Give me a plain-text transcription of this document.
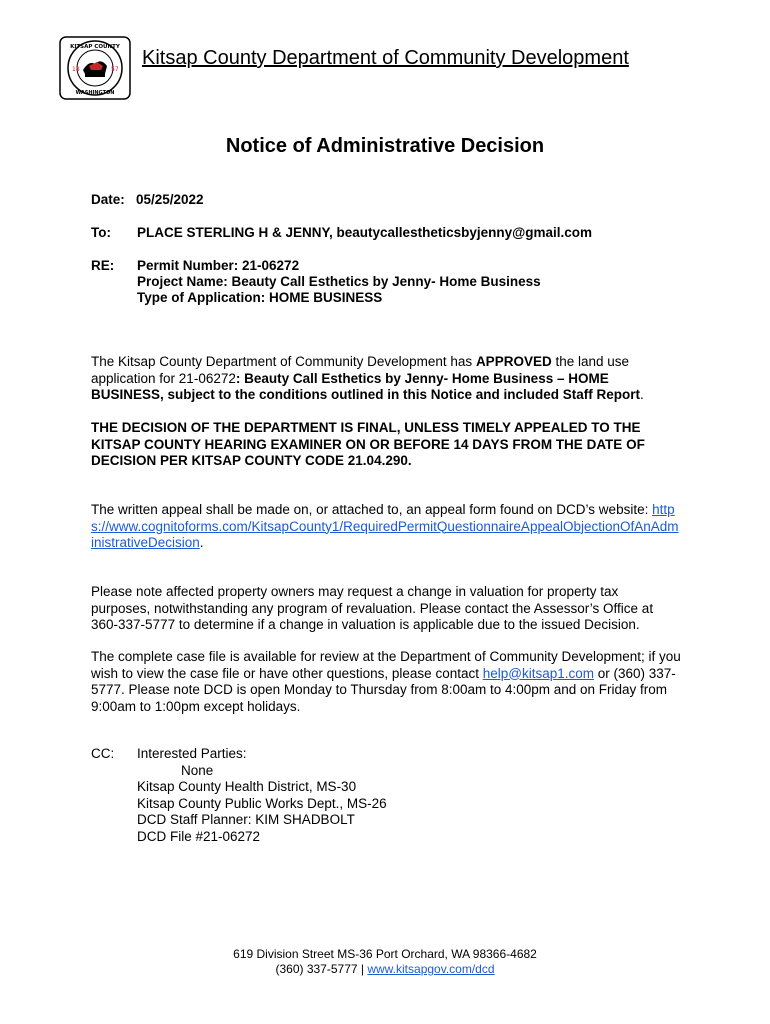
KITSAP COUNTY
WASHINGTON
18	57
Kitsap County Department of Community Development
Notice of Administrative Decision
Date: 05/25/2022
To: PLACE STERLING H & JENNY, beautycallestheticsbyjenny@gmail.com
RE: Permit Number: 21-06272
Project Name: Beauty Call Esthetics by Jenny- Home Business
Type of Application: HOME BUSINESS

The Kitsap County Department of Community Development has APPROVED the land use application for 21-06272: Beauty Call Esthetics by Jenny- Home Business – HOME BUSINESS, subject to the conditions outlined in this Notice and included Staff Report.

THE DECISION OF THE DEPARTMENT IS FINAL, UNLESS TIMELY APPEALED TO THE KITSAP COUNTY HEARING EXAMINER ON OR BEFORE 14 DAYS FROM THE DATE OF DECISION PER KITSAP COUNTY CODE 21.04.290.
The written appeal shall be made on, or attached to, an appeal form found on DCD’s website: https://www.cognitoforms.com/KitsapCounty1/RequiredPermitQuestionnaireAppealObjectionOfAnAdministrativeDecision.
Please note affected property owners may request a change in valuation for property tax purposes, notwithstanding any program of revaluation. Please contact the Assessor’s Office at 360-337-5777 to determine if a change in valuation is applicable due to the issued Decision.
The complete case file is available for review at the Department of Community Development; if you wish to view the case file or have other questions, please contact help@kitsap1.com or (360) 337-5777. Please note DCD is open Monday to Thursday from 8:00am to 4:00pm and on Friday from 9:00am to 1:00pm except holidays.
CC: Interested Parties:
None
Kitsap County Health District, MS-30
Kitsap County Public Works Dept., MS-26
DCD Staff Planner: KIM SHADBOLT
DCD File #21-06272
619 Division Street MS-36 Port Orchard, WA 98366-4682
(360) 337-5777 | www.kitsapgov.com/dcd
